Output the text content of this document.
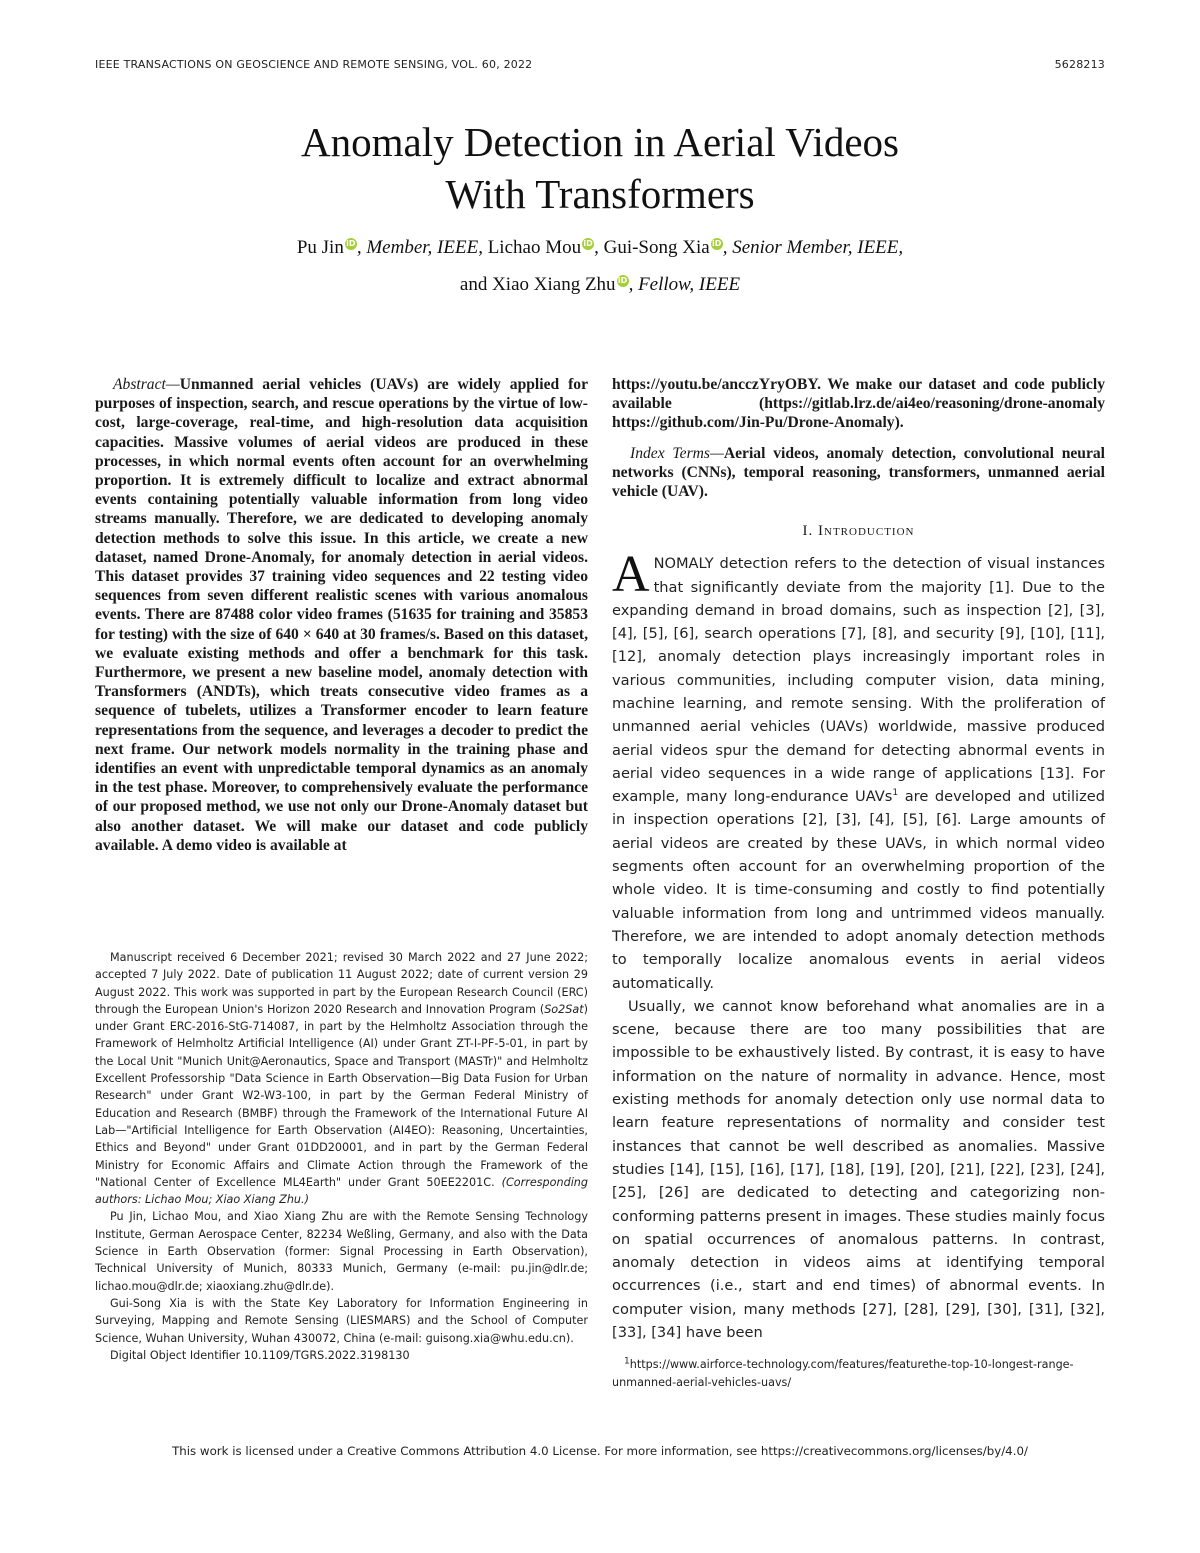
IEEE TRANSACTIONS ON GEOSCIENCE AND REMOTE SENSING, VOL. 60, 2022	5628213
Anomaly Detection in Aerial Videos
With Transformers
Pu Jin iD, Member, IEEE, Lichao Mou iD, Gui-Song Xia iD, Senior Member, IEEE,
and Xiao Xiang Zhu iD, Fellow, IEEE

Abstract—Unmanned aerial vehicles (UAVs) are widely applied for purposes of inspection, search, and rescue operations by the virtue of low-cost, large-coverage, real-time, and high-resolution data acquisition capacities. Massive volumes of aerial videos are produced in these processes, in which normal events often account for an overwhelming proportion. It is extremely difficult to localize and extract abnormal events containing potentially valuable information from long video streams manually. Therefore, we are dedicated to developing anomaly detection methods to solve this issue. In this article, we create a new dataset, named Drone-Anomaly, for anomaly detection in aerial videos. This dataset provides 37 training video sequences and 22 testing video sequences from seven different realistic scenes with various anomalous events. There are 87488 color video frames (51635 for training and 35853 for testing) with the size of 640 × 640 at 30 frames/s. Based on this dataset, we evaluate existing methods and offer a benchmark for this task. Furthermore, we present a new baseline model, anomaly detection with Transformers (ANDTs), which treats consecutive video frames as a sequence of tubelets, utilizes a Transformer encoder to learn feature representations from the sequence, and leverages a decoder to predict the next frame. Our network models normality in the training phase and identifies an event with unpredictable temporal dynamics as an anomaly in the test phase. Moreover, to comprehensively evaluate the performance of our proposed method, we use not only our Drone-Anomaly dataset but also another dataset. We will make our dataset and code publicly available. A demo video is available at

Manuscript received 6 December 2021; revised 30 March 2022 and 27 June 2022; accepted 7 July 2022. Date of publication 11 August 2022; date of current version 29 August 2022. This work was supported in part by the European Research Council (ERC) through the European Union's Horizon 2020 Research and Innovation Program (So2Sat) under Grant ERC-2016-StG-714087, in part by the Helmholtz Association through the Framework of Helmholtz Artificial Intelligence (AI) under Grant ZT-I-PF-5-01, in part by the Local Unit "Munich Unit@Aeronautics, Space and Transport (MASTr)" and Helmholtz Excellent Professorship "Data Science in Earth Observation—Big Data Fusion for Urban Research" under Grant W2-W3-100, in part by the German Federal Ministry of Education and Research (BMBF) through the Framework of the International Future AI Lab—"Artificial Intelligence for Earth Observation (AI4EO): Reasoning, Uncertainties, Ethics and Beyond" under Grant 01DD20001, and in part by the German Federal Ministry for Economic Affairs and Climate Action through the Framework of the "National Center of Excellence ML4Earth" under Grant 50EE2201C. (Corresponding authors: Lichao Mou; Xiao Xiang Zhu.)

Pu Jin, Lichao Mou, and Xiao Xiang Zhu are with the Remote Sensing Technology Institute, German Aerospace Center, 82234 Weßling, Germany, and also with the Data Science in Earth Observation (former: Signal Processing in Earth Observation), Technical University of Munich, 80333 Munich, Germany (e-mail: pu.jin@dlr.de; lichao.mou@dlr.de; xiaoxiang.zhu@dlr.de).

Gui-Song Xia is with the State Key Laboratory for Information Engineering in Surveying, Mapping and Remote Sensing (LIESMARS) and the School of Computer Science, Wuhan University, Wuhan 430072, China (e-mail: guisong.xia@whu.edu.cn).

Digital Object Identifier 10.1109/TGRS.2022.3198130

https://youtu.be/ancczYryOBY. We make our dataset and code publicly available (https://gitlab.lrz.de/ai4eo/reasoning/drone-anomaly https://github.com/Jin-Pu/Drone-Anomaly).

Index Terms—Aerial videos, anomaly detection, convolutional neural networks (CNNs), temporal reasoning, transformers, unmanned aerial vehicle (UAV).

I. Introduction

ANOMALY detection refers to the detection of visual instances that significantly deviate from the majority [1]. Due to the expanding demand in broad domains, such as inspection [2], [3], [4], [5], [6], search operations [7], [8], and security [9], [10], [11], [12], anomaly detection plays increasingly important roles in various communities, including computer vision, data mining, machine learning, and remote sensing. With the proliferation of unmanned aerial vehicles (UAVs) worldwide, massive produced aerial videos spur the demand for detecting abnormal events in aerial video sequences in a wide range of applications [13]. For example, many long-endurance UAVs$^1$ are developed and utilized in inspection operations [2], [3], [4], [5], [6]. Large amounts of aerial videos are created by these UAVs, in which normal video segments often account for an overwhelming proportion of the whole video. It is time-consuming and costly to find potentially valuable information from long and untrimmed videos manually. Therefore, we are intended to adopt anomaly detection methods to temporally localize anomalous events in aerial videos automatically.

Usually, we cannot know beforehand what anomalies are in a scene, because there are too many possibilities that are impossible to be exhaustively listed. By contrast, it is easy to have information on the nature of normality in advance. Hence, most existing methods for anomaly detection only use normal data to learn feature representations of normality and consider test instances that cannot be well described as anomalies. Massive studies [14], [15], [16], [17], [18], [19], [20], [21], [22], [23], [24], [25], [26] are dedicated to detecting and categorizing non-conforming patterns present in images. These studies mainly focus on spatial occurrences of anomalous patterns. In contrast, anomaly detection in videos aims at identifying temporal occurrences (i.e., start and end times) of abnormal events. In computer vision, many methods [27], [28], [29], [30], [31], [32], [33], [34] have been

$^1$https://www.airforce-technology.com/features/featurethe-top-10-longest-range-unmanned-aerial-vehicles-uavs/

This work is licensed under a Creative Commons Attribution 4.0 License. For more information, see https://creativecommons.org/licenses/by/4.0/
